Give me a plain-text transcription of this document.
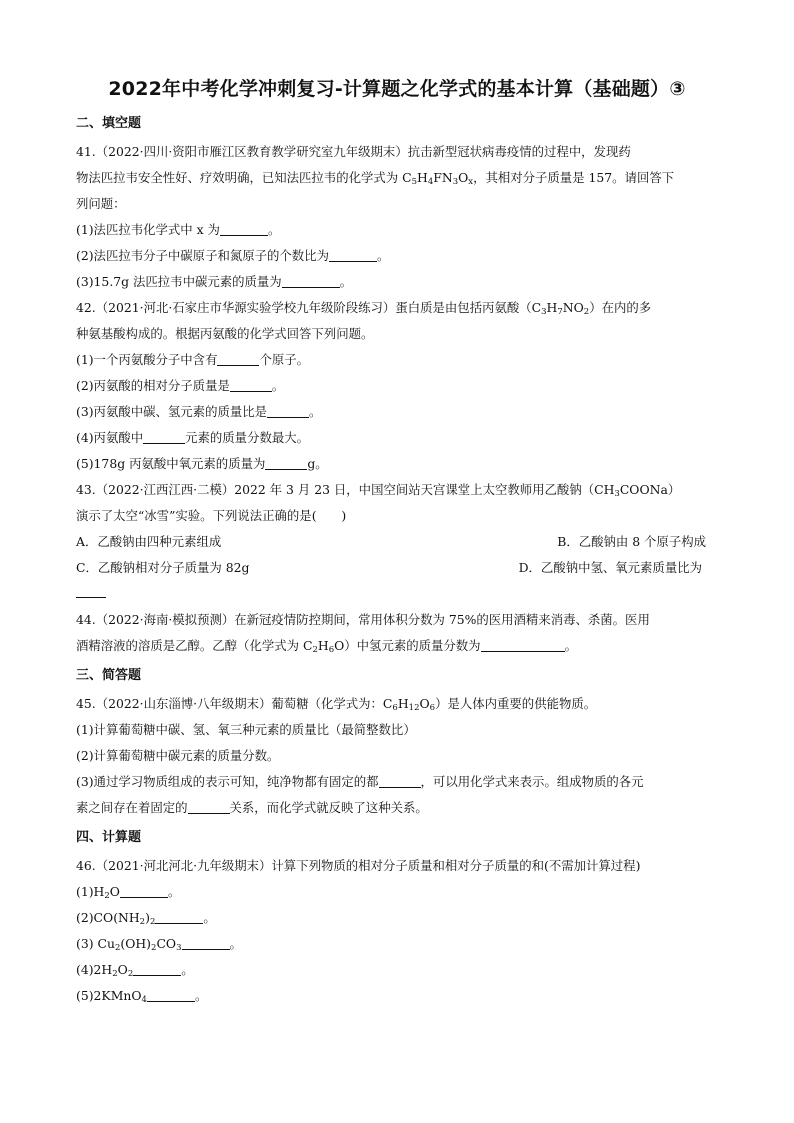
2022年中考化学冲刺复习-计算题之化学式的基本计算（基础题）③
二、填空题
41.（2022·四川·资阳市雁江区教育教学研究室九年级期末）抗击新型冠状病毒疫情的过程中，发现药
物法匹拉韦安全性好、疗效明确，已知法匹拉韦的化学式为 $C_5H_4FN_3O_x$，其相对分子质量是 157。请回答下
列问题：
(1)法匹拉韦化学式中 x 为	。
(2)法匹拉韦分子中碳原子和氮原子的个数比为	。
(3)15.7g 法匹拉韦中碳元素的质量为	。
42.（2021·河北·石家庄市华源实验学校九年级阶段练习）蛋白质是由包括丙氨酸$(C_3H_7NO_2)$在内的多
种氨基酸构成的。根据丙氨酸的化学式回答下列问题。
(1)一个丙氨酸分子中含有	个原子。
(2)丙氨酸的相对分子质量是	。
(3)丙氨酸中碳、氢元素的质量比是	。
(4)丙氨酸中	元素的质量分数最大。
(5)178g 丙氨酸中氧元素的质量为	g。
43.（2022·江西江西·二模）2022 年 3 月 23 日，中国空间站天宫课堂上太空教师用乙酸钠$(CH_3COONa)$
演示了太空“冰雪”实验。下列说法正确的是(　　)
A．乙酸钠由四种元素组成	B．乙酸钠由 8 个原子构成
C．乙酸钠相对分子质量为 82g	D．乙酸钠中氢、氧元素质量比为
44.（2022·海南·模拟预测）在新冠疫情防控期间，常用体积分数为 75%的医用酒精来消毒、杀菌。医用
酒精溶液的溶质是乙醇。乙醇（化学式为 $C_2H_6O$）中氢元素的质量分数为	。
三、简答题
45.（2022·山东淄博·八年级期末）葡萄糖（化学式为：$C_6H_{12}O_6$）是人体内重要的供能物质。
(1)计算葡萄糖中碳、氢、氧三种元素的质量比（最简整数比）
(2)计算葡萄糖中碳元素的质量分数。
(3)通过学习物质组成的表示可知，纯净物都有固定的都	，可以用化学式来表示。组成物质的各元
素之间存在着固定的	关系，而化学式就反映了这种关系。
四、计算题
46.（2021·河北河北·九年级期末）计算下列物质的相对分子质量和相对分子质量的和(不需加计算过程)
$(1)H_2O$	。
$(2)CO(NH_2)_2$	。
(3) $Cu_2(OH)_2CO_3$	。
$(4)2H_2O_2$	。
(5)2KMnO$_4$	。
